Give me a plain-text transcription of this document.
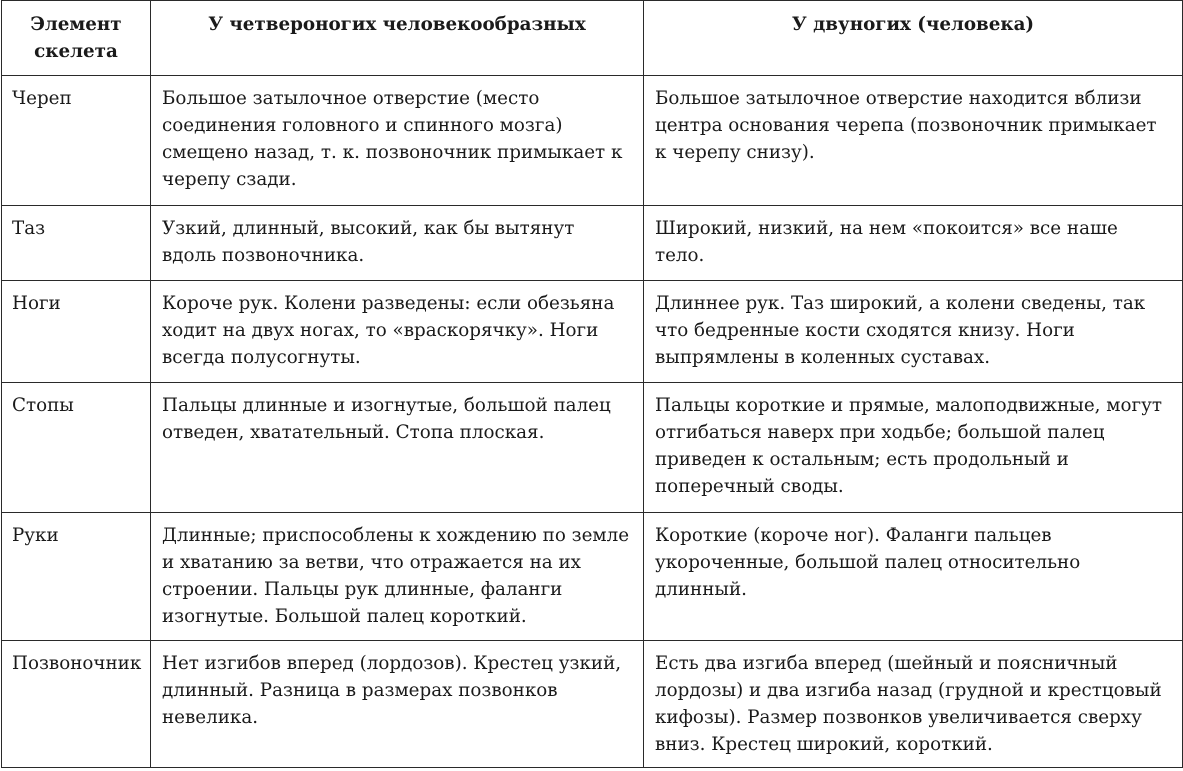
Элемент скелета	У четвероногих человекообразных	У двуногих (человека)
Череп	Большое затылочное отверстие (место соединения головного и спинного мозга) смещено назад, т. к. позвоночник примыкает к черепу сзади.	Большое затылочное отверстие находится вблизи центра основания черепа (позвоночник примыкает к черепу снизу).
Таз	Узкий, длинный, высокий, как бы вытянут вдоль позвоночника.	Широкий, низкий, на нем «покоится» все наше тело.
Ноги	Короче рук. Колени разведены: если обезьяна ходит на двух ногах, то «враскорячку». Ноги всегда полусогнуты.	Длиннее рук. Таз широкий, а колени сведены, так что бедренные кости сходятся книзу. Ноги выпрямлены в коленных суставах.
Стопы	Пальцы длинные и изогнутые, большой палец отведен, хватательный. Стопа плоская.	Пальцы короткие и прямые, малоподвижные, могут отгибаться наверх при ходьбе; большой палец приведен к остальным; есть продольный и поперечный своды.
Руки	Длинные; приспособлены к хождению по земле и хватанию за ветви, что отражается на их строении. Пальцы рук длинные, фаланги изогнутые. Большой палец короткий.	Короткие (короче ног). Фаланги пальцев укороченные, большой палец относительно длинный.
Позвоночник	Нет изгибов вперед (лордозов). Крестец узкий, длинный. Разница в размерах позвонков невелика.	Есть два изгиба вперед (шейный и поясничный лордозы) и два изгиба назад (грудной и крестцовый кифозы). Размер позвонков увеличивается сверху вниз. Крестец широкий, короткий.
